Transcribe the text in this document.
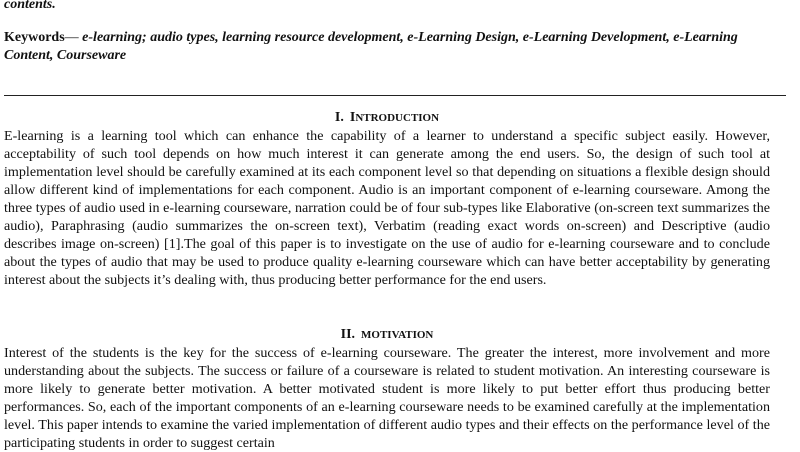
contents.

Keywords— e-learning; audio types, learning resource development, e-Learning Design, e-Learning Development, e-Learning Content, Courseware

I. INTRODUCTION

E-learning is a learning tool which can enhance the capability of a learner to understand a specific subject easily. However, acceptability of such tool depends on how much interest it can generate among the end users. So, the design of such tool at implementation level should be carefully examined at its each component level so that depending on situations a flexible design should allow different kind of implementations for each component. Audio is an important component of e-learning courseware. Among the three types of audio used in e-learning courseware, narration could be of four sub-types like Elaborative (on-screen text summarizes the audio), Paraphrasing (audio summarizes the on-screen text), Verbatim (reading exact words on-screen) and Descriptive (audio describes image on-screen) [1].The goal of this paper is to investigate on the use of audio for e-learning courseware and to conclude about the types of audio that may be used to produce quality e-learning courseware which can have better acceptability by generating interest about the subjects it’s dealing with, thus producing better performance for the end users.

II. MOTIVATION

Interest of the students is the key for the success of e-learning courseware. The greater the interest, more involvement and more understanding about the subjects. The success or failure of a courseware is related to student motivation. An interesting courseware is more likely to generate better motivation. A better motivated student is more likely to put better effort thus producing better performances. So, each of the important components of an e-learning courseware needs to be examined carefully at the implementation level. This paper intends to examine the varied implementation of different audio types and their effects on the performance level of the participating students in order to suggest certain
